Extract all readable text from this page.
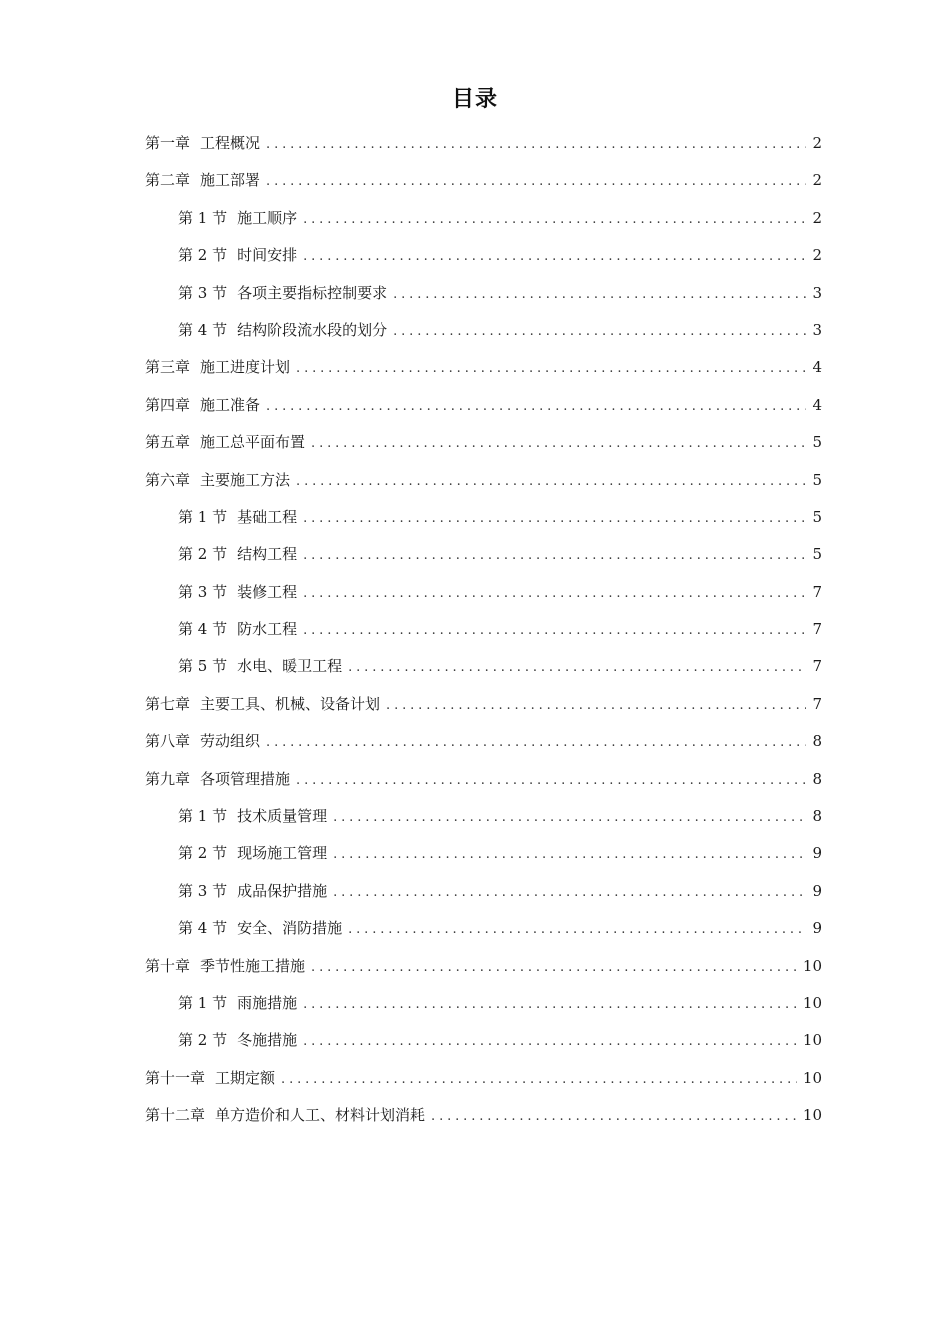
目录
第一章 工程概况 .....	2
第二章 施工部署 .....	2
第 1 节 施工顺序 .....	2
第 2 节 时间安排 .....	2
第 3 节 各项主要指标控制要求 .....	3
第 4 节 结构阶段流水段的划分 .....	3
第三章 施工进度计划 .....	4
第四章 施工准备 .....	4
第五章 施工总平面布置 .....	5
第六章 主要施工方法 .....	5
第 1 节 基础工程 .....	5
第 2 节 结构工程 .....	5
第 3 节 装修工程 .....	7
第 4 节 防水工程 .....	7
第 5 节 水电、暖卫工程 .....	7
第七章 主要工具、机械、设备计划 .....	7
第八章 劳动组织 .....	8
第九章 各项管理措施 .....	8
第 1 节 技术质量管理 .....	8
第 2 节 现场施工管理 .....	9
第 3 节 成品保护措施 .....	9
第 4 节 安全、消防措施 .....	9
第十章 季节性施工措施 .....	10
第 1 节 雨施措施 .....	10
第 2 节 冬施措施 .....	10
第十一章 工期定额 .....	10
第十二章 单方造价和人工、材料计划消耗 .....	10
